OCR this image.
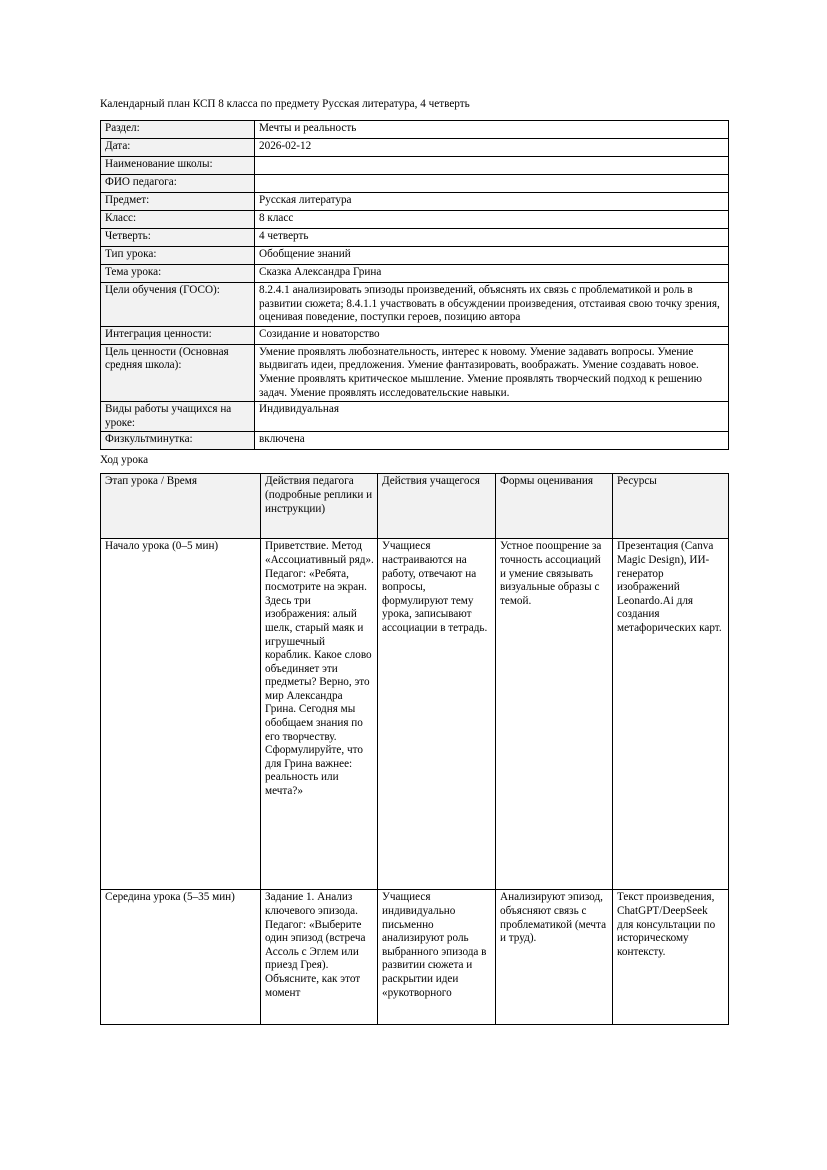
Календарный план КСП 8 класса по предмету Русская литература, 4 четверть

Раздел:	Мечты и реальность
Дата:	2026-02-12
Наименование школы:	
ФИО педагога:	
Предмет:	Русская литература
Класс:	8 класс
Четверть:	4 четверть
Тип урока:	Обобщение знаний
Тема урока:	Сказка Александра Грина
Цели обучения (ГОСО):	8.2.4.1 анализировать эпизоды произведений, объяснять их связь с проблематикой и роль в развитии сюжета; 8.4.1.1 участвовать в обсуждении произведения, отстаивая свою точку зрения, оценивая поведение, поступки героев, позицию автора
Интеграция ценности:	Созидание и новаторство
Цель ценности (Основная средняя школа):	Умение проявлять любознательность, интерес к новому. Умение задавать вопросы. Умение выдвигать идеи, предложения. Умение фантазировать, воображать. Умение создавать новое. Умение проявлять критическое мышление. Умение проявлять творческий подход к решению задач. Умение проявлять исследовательские навыки.
Виды работы учащихся на уроке:	Индивидуальная
Физкультминутка:	включена

Ход урока

Этап урока / Время	Действия педагога (подробные реплики и инструкции)	Действия учащегося	Формы оценивания	Ресурсы
Начало урока (0–5 мин)	Приветствие. Метод «Ассоциативный ряд». Педагог: «Ребята, посмотрите на экран. Здесь три изображения: алый шелк, старый маяк и игрушечный кораблик. Какое слово объединяет эти предметы? Верно, это мир Александра Грина. Сегодня мы обобщаем знания по его творчеству. Сформулируйте, что для Грина важнее: реальность или мечта?»	Учащиеся настраиваются на работу, отвечают на вопросы, формулируют тему урока, записывают ассоциации в тетрадь.	Устное поощрение за точность ассоциаций и умение связывать визуальные образы с темой.	Презентация (Canva Magic Design), ИИ-генератор изображений Leonardo.Ai для создания метафорических карт.
Середина урока (5–35 мин)	Задание 1. Анализ ключевого эпизода. Педагог: «Выберите один эпизод (встреча Ассоль с Эглем или приезд Грея). Объясните, как этот момент	Учащиеся индивидуально письменно анализируют роль выбранного эпизода в развитии сюжета и раскрытии идеи «рукотворного	Анализируют эпизод, объясняют связь с проблематикой (мечта и труд).	Текст произведения, ChatGPT/DeepSeek для консультации по историческому контексту.
